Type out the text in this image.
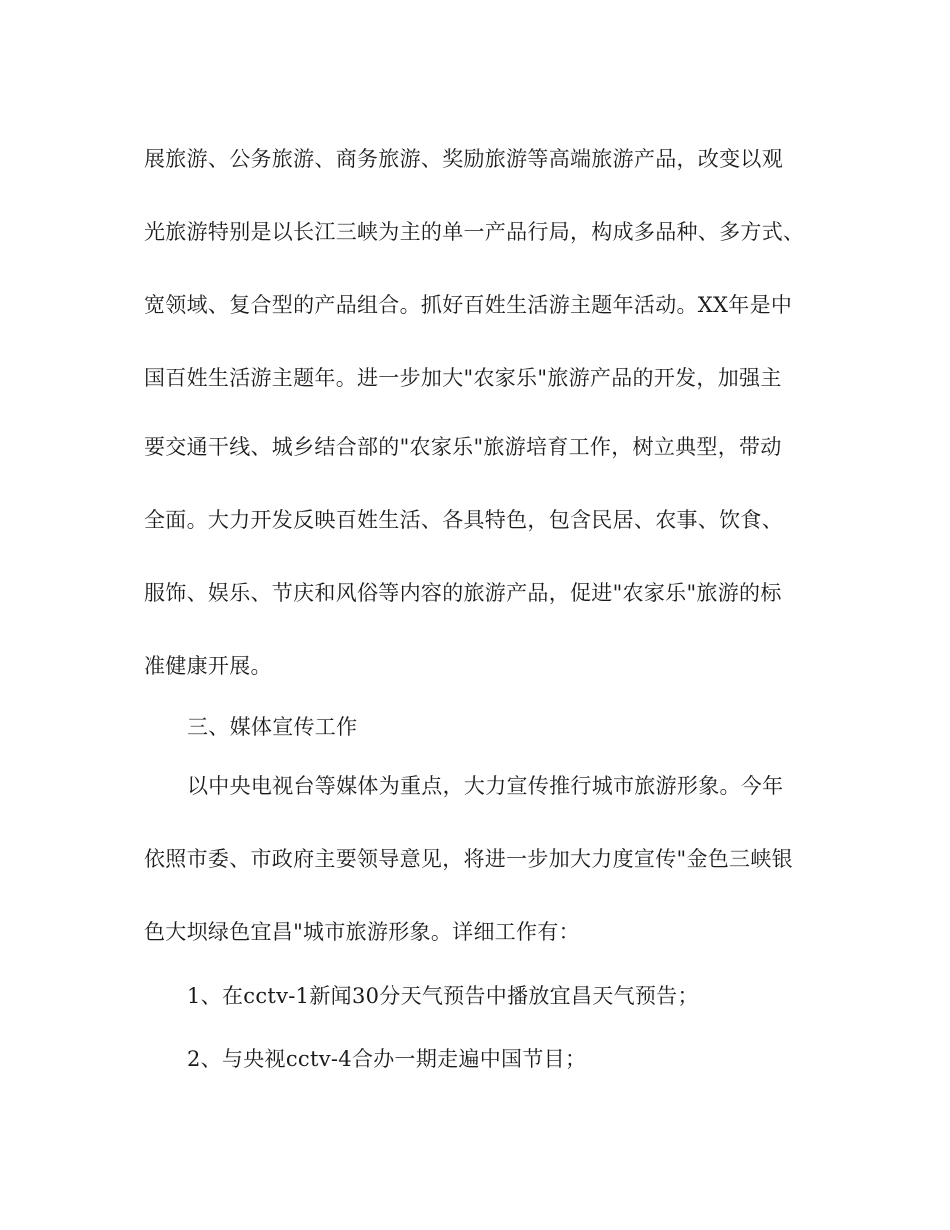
展旅游、公务旅游、商务旅游、奖励旅游等高端旅游产品，改变以观
光旅游特别是以长江三峡为主的单一产品行局，构成多品种、多方式、
宽领域、复合型的产品组合。抓好百姓生活游主题年活动。XX年是中
国百姓生活游主题年。进一步加大"农家乐"旅游产品的开发，加强主
要交通干线、城乡结合部的"农家乐"旅游培育工作，树立典型，带动
全面。大力开发反映百姓生活、各具特色，包含民居、农事、饮食、
服饰、娱乐、节庆和风俗等内容的旅游产品，促进"农家乐"旅游的标
准健康开展。
三、媒体宣传工作
以中央电视台等媒体为重点，大力宣传推行城市旅游形象。今年
依照市委、市政府主要领导意见，将进一步加大力度宣传"金色三峡银
色大坝绿色宜昌"城市旅游形象。详细工作有：
1、在cctv-1新闻30分天气预告中播放宜昌天气预告；
2、与央视cctv-4合办一期走遍中国节目；
